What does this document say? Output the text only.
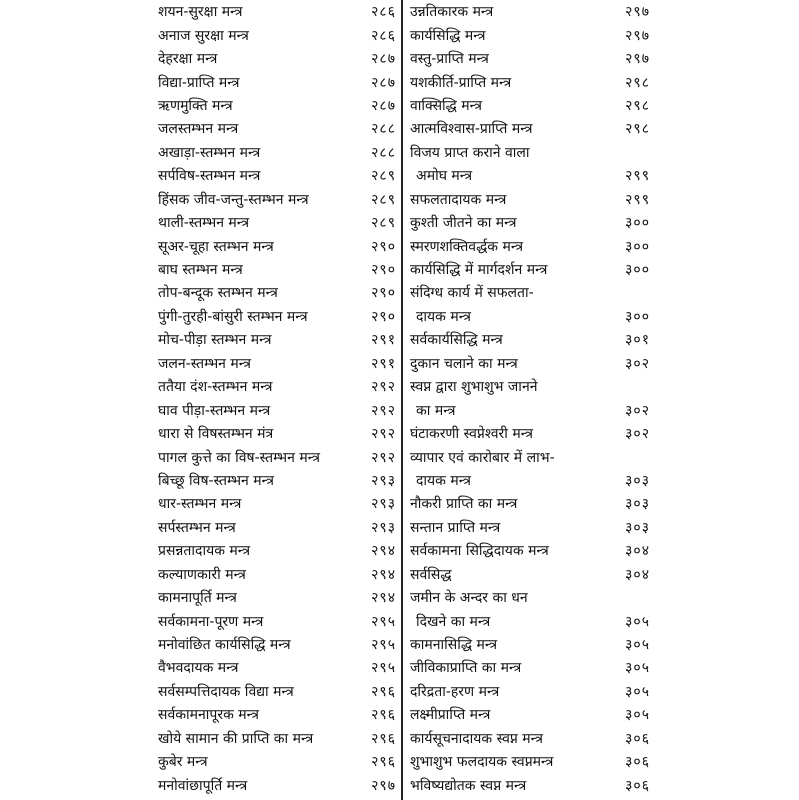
शयन-सुरक्षा मन्त्र	२८६
अनाज सुरक्षा मन्त्र	२८६
देहरक्षा मन्त्र	२८७
विद्या-प्राप्ति मन्त्र	२८७
ऋणमुक्ति मन्त्र	२८७
जलस्तम्भन मन्त्र	२८८
अखाड़ा-स्तम्भन मन्त्र	२८८
सर्पविष-स्तम्भन मन्त्र	२८९
हिंसक जीव-जन्तु-स्तम्भन मन्त्र	२८९
थाली-स्तम्भन मन्त्र	२८९
सूअर-चूहा स्तम्भन मन्त्र	२९०
बाघ स्तम्भन मन्त्र	२९०
तोप-बन्दूक स्तम्भन मन्त्र	२९०
पुंगी-तुरही-बांसुरी स्तम्भन मन्त्र	२९०
मोच-पीड़ा स्तम्भन मन्त्र	२९१
जलन-स्तम्भन मन्त्र	२९१
ततैया दंश-स्तम्भन मन्त्र	२९२
घाव पीड़ा-स्तम्भन मन्त्र	२९२
धारा से विषस्तम्भन मंत्र	२९२
पागल कुत्ते का विष-स्तम्भन मन्त्र	२९२
बिच्छू विष-स्तम्भन मन्त्र	२९३
धार-स्तम्भन मन्त्र	२९३
सर्पस्तम्भन मन्त्र	२९३
प्रसन्नतादायक मन्त्र	२९४
कल्याणकारी मन्त्र	२९४
कामनापूर्ति मन्त्र	२९४
सर्वकामना-पूरण मन्त्र	२९५
मनोवांछित कार्यसिद्धि मन्त्र	२९५
वैभवदायक मन्त्र	२९५
सर्वसम्पत्तिदायक विद्या मन्त्र	२९६
सर्वकामनापूरक मन्त्र	२९६
खोये सामान की प्राप्ति का मन्त्र	२९६
कुबेर मन्त्र	२९६
मनोवांछापूर्ति मन्त्र	२९७
उन्नतिकारक मन्त्र	२९७
कार्यसिद्धि मन्त्र	२९७
वस्तु-प्राप्ति मन्त्र	२९७
यशकीर्ति-प्राप्ति मन्त्र	२९८
वाक्सिद्धि मन्त्र	२९८
आत्मविश्वास-प्राप्ति मन्त्र	२९८
विजय प्राप्त कराने वाला
अमोघ मन्त्र	२९९
सफलतादायक मन्त्र	२९९
कुश्ती जीतने का मन्त्र	३००
स्मरणशक्तिवर्द्धक मन्त्र	३००
कार्यसिद्धि में मार्गदर्शन मन्त्र	३००
संदिग्ध कार्य में सफलता-
दायक मन्त्र	३००
सर्वकार्यसिद्धि मन्त्र	३०१
दुकान चलाने का मन्त्र	३०२
स्वप्न द्वारा शुभाशुभ जानने
का मन्त्र	३०२
घंटाकरणी स्वप्नेश्वरी मन्त्र	३०२
व्यापार एवं कारोबार में लाभ-
दायक मन्त्र	३०३
नौकरी प्राप्ति का मन्त्र	३०३
सन्तान प्राप्ति मन्त्र	३०३
सर्वकामना सिद्धिदायक मन्त्र	३०४
सर्वसिद्ध	३०४
जमीन के अन्दर का धन
दिखने का मन्त्र	३०५
कामनासिद्धि मन्त्र	३०५
जीविकाप्राप्ति का मन्त्र	३०५
दरिद्रता-हरण मन्त्र	३०५
लक्ष्मीप्राप्ति मन्त्र	३०५
कार्यसूचनादायक स्वप्न मन्त्र	३०६
शुभाशुभ फलदायक स्वप्नमन्त्र	३०६
भविष्यद्योतक स्वप्न मन्त्र	३०६
